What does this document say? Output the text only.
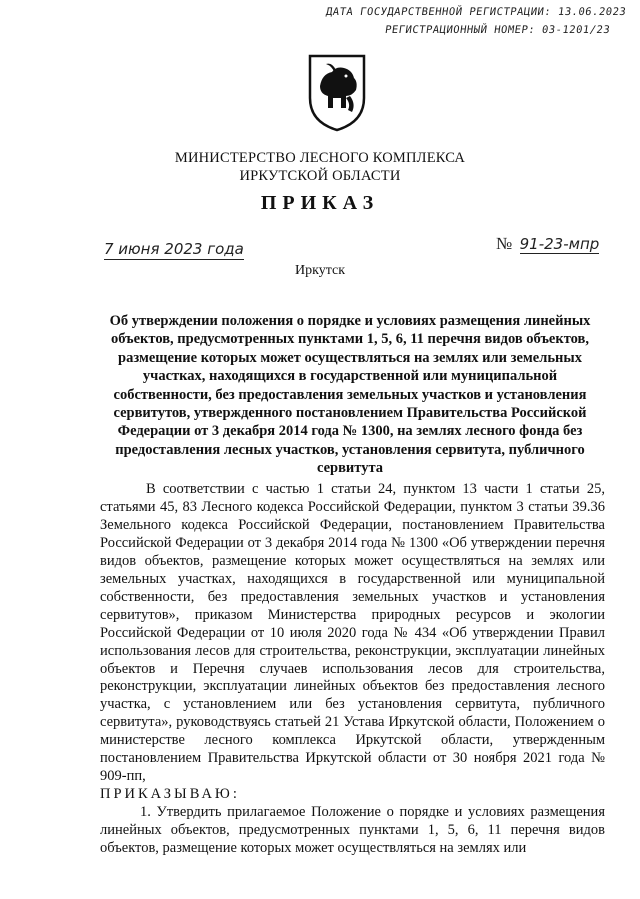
ДАТА ГОСУДАРСТВЕННОЙ РЕГИСТРАЦИИ: 13.06.2023
РЕГИСТРАЦИОННЫЙ НОМЕР: 03-1201/23
МИНИСТЕРСТВО ЛЕСНОГО КОМПЛЕКСА
ИРКУТСКОЙ ОБЛАСТИ
ПРИКАЗ
7 июня 2023 года	№ 91-23-мпр
Иркутск
Об утверждении положения о порядке и условиях размещения линейных объектов, предусмотренных пунктами 1, 5, 6, 11 перечня видов объектов, размещение которых может осуществляться на землях или земельных участках, находящихся в государственной или муниципальной собственности, без предоставления земельных участков и установления сервитутов, утвержденного постановлением Правительства Российской Федерации от 3 декабря 2014 года № 1300, на землях лесного фонда без предоставления лесных участков, установления сервитута, публичного сервитута

В соответствии с частью 1 статьи 24, пунктом 13 части 1 статьи 25, статьями 45, 83 Лесного кодекса Российской Федерации, пунктом 3 статьи 39.36 Земельного кодекса Российской Федерации, постановлением Правительства Российской Федерации от 3 декабря 2014 года № 1300 «Об утверждении перечня видов объектов, размещение которых может осуществляться на землях или земельных участках, находящихся в государственной или муниципальной собственности, без предоставления земельных участков и установления сервитутов», приказом Министерства природных ресурсов и экологии Российской Федерации от 10 июля 2020 года № 434 «Об утверждении Правил использования лесов для строительства, реконструкции, эксплуатации линейных объектов и Перечня случаев использования лесов для строительства, реконструкции, эксплуатации линейных объектов без предоставления лесного участка, с установлением или без установления сервитута, публичного сервитута», руководствуясь статьей 21 Устава Иркутской области, Положением о министерстве лесного комплекса Иркутской области, утвержденным постановлением Правительства Иркутской области от 30 ноября 2021 года № 909-пп,

ПРИКАЗЫВАЮ:

1. Утвердить прилагаемое Положение о порядке и условиях размещения линейных объектов, предусмотренных пунктами 1, 5, 6, 11 перечня видов объектов, размещение которых может осуществляться на землях или
